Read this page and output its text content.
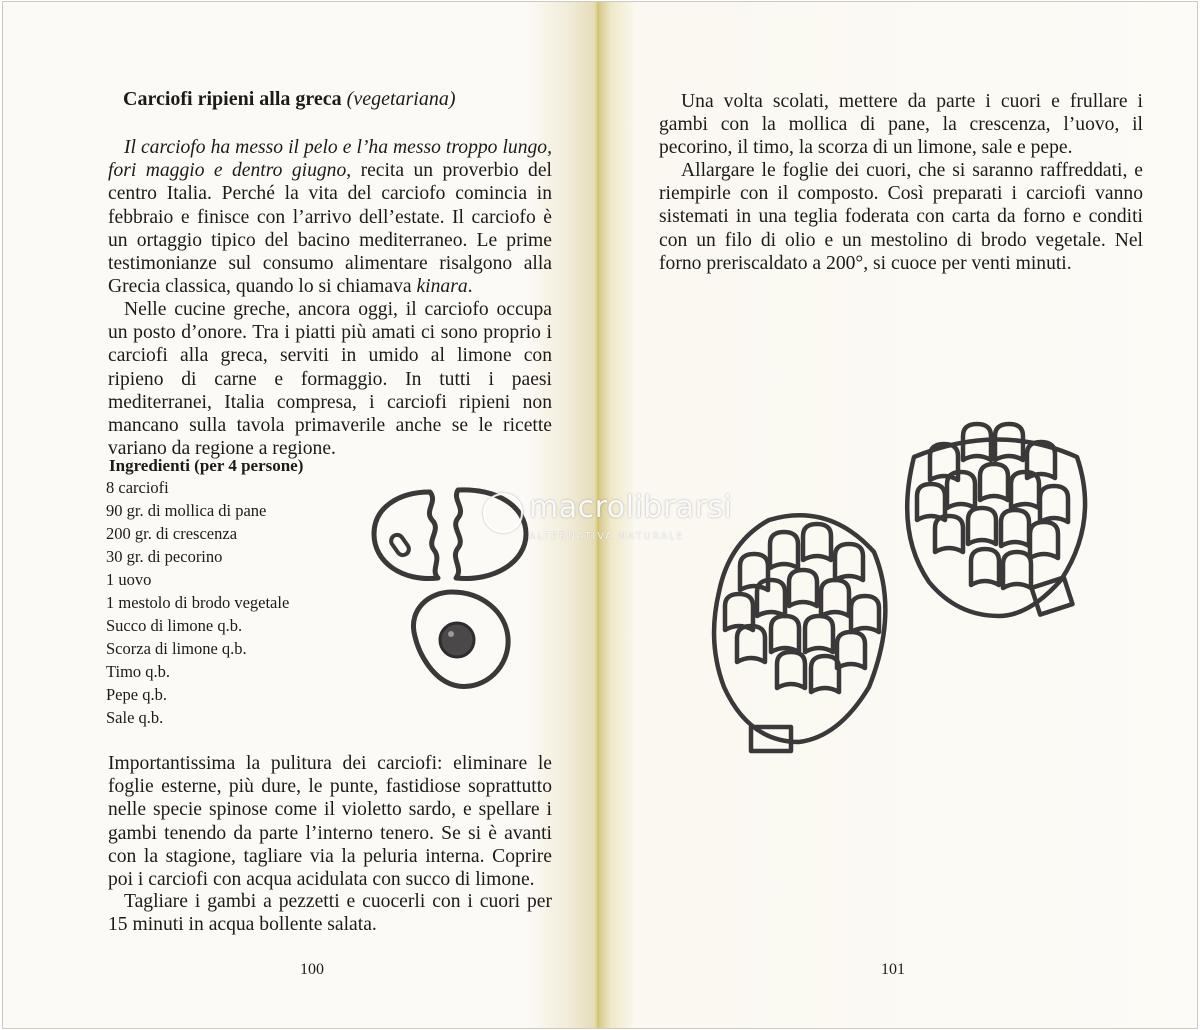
Carciofi ripieni alla greca (vegetariana)

Il carciofo ha messo il pelo e l’ha messo troppo lungo, fori maggio e dentro giugno, recita un proverbio del centro Italia. Perché la vita del carciofo comincia in febbraio e finisce con l’arrivo dell’estate. Il carciofo è un ortaggio tipico del bacino mediterraneo. Le prime testimonianze sul consumo alimentare risalgono alla Grecia classica, quando lo si chiamava kinara.

Nelle cucine greche, ancora oggi, il carciofo occupa un posto d’onore. Tra i piatti più amati ci sono proprio i carciofi alla greca, serviti in umido al limone con ripieno di carne e formaggio. In tutti i paesi mediterranei, Italia compresa, i carciofi ripieni non mancano sulla tavola primaverile anche se le ricette variano da regione a regione.

Ingredienti (per 4 persone)
8 carciofi
90 gr. di mollica di pane
200 gr. di crescenza
30 gr. di pecorino
1 uovo
1 mestolo di brodo vegetale
Succo di limone q.b.
Scorza di limone q.b.
Timo q.b.
Pepe q.b.
Sale q.b.

Importantissima la pulitura dei carciofi: eliminare le foglie esterne, più dure, le punte, fastidiose soprattutto nelle specie spinose come il violetto sardo, e spellare i gambi tenendo da parte l’interno tenero. Se si è avanti con la stagione, tagliare via la peluria interna. Coprire poi i carciofi con acqua acidulata con succo di limone.

Tagliare i gambi a pezzetti e cuocerli con i cuori per 15 minuti in acqua bollente salata.

100

Una volta scolati, mettere da parte i cuori e frullare i gambi con la mollica di pane, la crescenza, l’uovo, il pecorino, il timo, la scorza di un limone, sale e pepe.

Allargare le foglie dei cuori, che si saranno raffreddati, e riempirle con il composto. Così preparati i carciofi vanno sistemati in una teglia foderata con carta da forno e conditi con un filo di olio e un mestolino di brodo vegetale. Nel forno preriscaldato a 200°, si cuoce per venti minuti.

101
macrolibrarsi
ALTERNATIVA NATURALE
